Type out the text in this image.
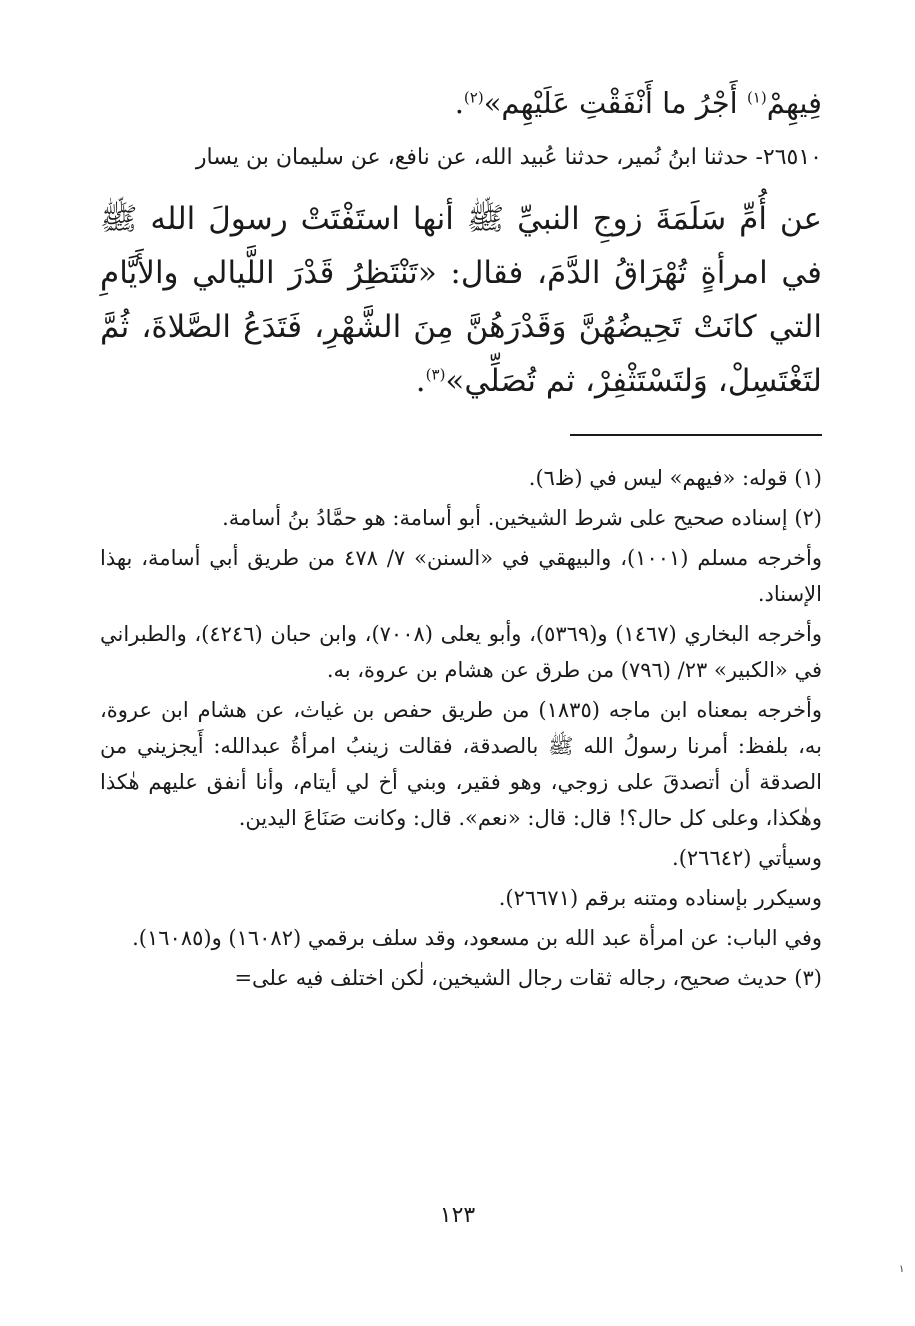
فِيهِمْ$^{(١)}$ أَجْرُ ما أَنْفَقْتِ عَلَيْهِم»$^{(٢)}$.

٢٦٥١٠- حدثنا ابنُ نُمير، حدثنا عُبيد الله، عن نافع، عن سليمان بن يسار

عن أُمِّ سَلَمَةَ زوجِ النبيِّ ﷺ أنها استَفْتَتْ رسولَ الله ﷺ في امرأةٍ تُهْرَاقُ الدَّمَ، فقال: «تَنْتَظِرُ قَدْرَ اللَّيالي والأَيَّامِ التي كانَتْ تَحِيضُهُنَّ وَقَدْرَهُنَّ مِنَ الشَّهْرِ، فَتَدَعُ الصَّلاةَ، ثُمَّ لتَغْتَسِلْ، وَلتَسْتَثْفِرْ، ثم تُصَلِّي»$^{(٣)}$.

(١) قوله: «فيهم» ليس في (ظ٦).

(٢) إسناده صحيح على شرط الشيخين. أبو أسامة: هو حمَّادُ بنُ أسامة.

وأخرجه مسلم (١٠٠١)، والبيهقي في «السنن» ٧/ ٤٧٨ من طريق أبي أسامة، بهذا الإسناد.

وأخرجه البخاري (١٤٦٧) و(٥٣٦٩)، وأبو يعلى (٧٠٠٨)، وابن حبان (٤٢٤٦)، والطبراني في «الكبير» ٢٣/ (٧٩٦) من طرق عن هشام بن عروة، به.

وأخرجه بمعناه ابن ماجه (١٨٣٥) من طريق حفص بن غياث، عن هشام ابن عروة، به، بلفظ: أمرنا رسولُ الله ﷺ بالصدقة، فقالت زينبُ امرأةُ عبدالله: أَيجزيني من الصدقة أن أتصدقَ على زوجي، وهو فقير، وبني أخ لي أيتام، وأنا أنفق عليهم هٰكذا وهٰكذا، وعلى كل حال؟! قال: قال: «نعم». قال: وكانت صَنَاعَ اليدين.

وسيأتي (٢٦٦٤٢).

وسيكرر بإسناده ومتنه برقم (٢٦٦٧١).

وفي الباب: عن امرأة عبد الله بن مسعود، وقد سلف برقمي (١٦٠٨٢) و(١٦٠٨٥).

(٣) حديث صحيح، رجاله ثقات رجال الشيخين، لٰكن اختلف فيه على=

١٢٣
١
